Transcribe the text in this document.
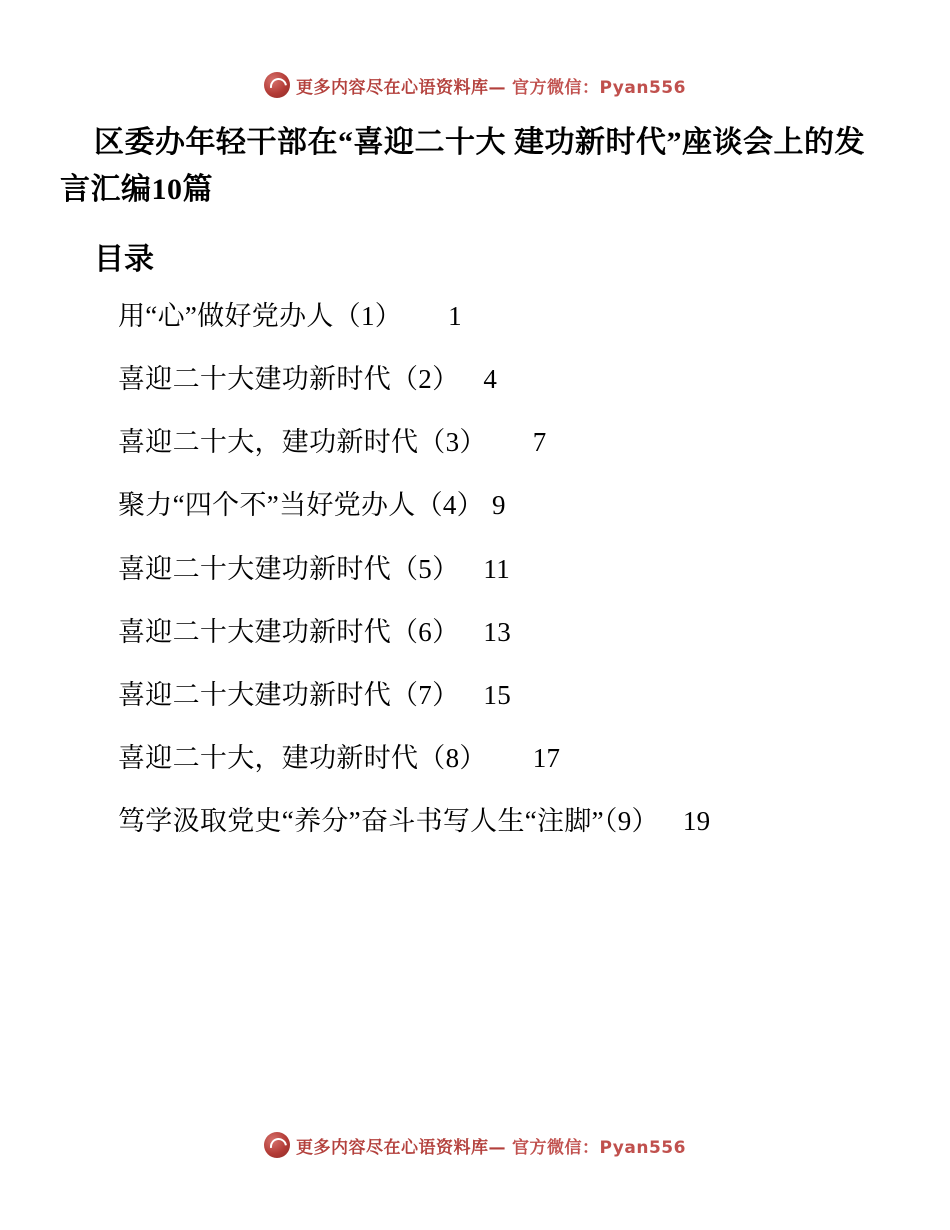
更多内容尽在心语资料库— 官方微信：Pyan556
区委办年轻干部在“喜迎二十大 建功新时代”座谈会上的发言汇编10篇
目录
用“心”做好党办人（1） 1
喜迎二十大建功新时代（2） 4
喜迎二十大，建功新时代（3） 7
聚力“四个不”当好党办人（4） 9
喜迎二十大建功新时代（5） 11
喜迎二十大建功新时代（6） 13
喜迎二十大建功新时代（7） 15
喜迎二十大，建功新时代（8） 17
笃学汲取党史“养分”奋斗书写人生“注脚”（9） 19
更多内容尽在心语资料库— 官方微信：Pyan556
